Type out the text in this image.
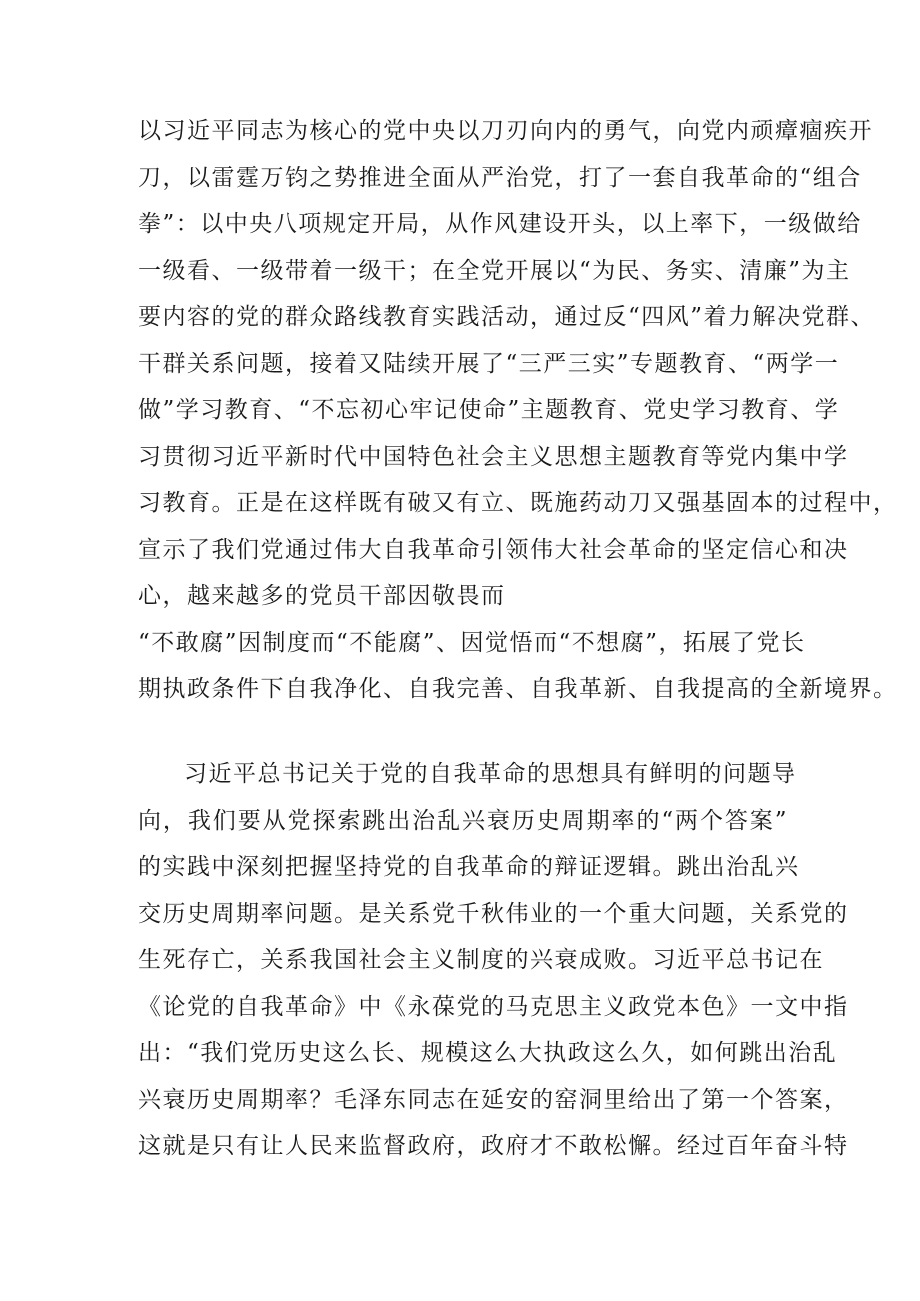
以习近平同志为核心的党中央以刀刃向内的勇气，向党内顽瘴痼疾开
刀，以雷霆万钧之势推进全面从严治党，打了一套自我革命的“组合
拳”：以中央八项规定开局，从作风建设开头，以上率下，一级做给
一级看、一级带着一级干；在全党开展以“为民、务实、清廉”为主
要内容的党的群众路线教育实践活动，通过反“四风”着力解决党群、
干群关系问题，接着又陆续开展了“三严三实”专题教育、“两学一
做”学习教育、“不忘初心牢记使命”主题教育、党史学习教育、学
习贯彻习近平新时代中国特色社会主义思想主题教育等党内集中学
习教育。正是在这样既有破又有立、既施药动刀又强基固本的过程中，
宣示了我们党通过伟大自我革命引领伟大社会革命的坚定信心和决
心，越来越多的党员干部因敬畏而
“不敢腐”因制度而“不能腐”、因觉悟而“不想腐”，拓展了党长
期执政条件下自我净化、自我完善、自我革新、自我提高的全新境界。
习近平总书记关于党的自我革命的思想具有鲜明的问题导
向，我们要从党探索跳出治乱兴衰历史周期率的“两个答案”
的实践中深刻把握坚持党的自我革命的辩证逻辑。跳出治乱兴
交历史周期率问题。是关系党千秋伟业的一个重大问题，关系党的
生死存亡，关系我国社会主义制度的兴衰成败。习近平总书记在
《论党的自我革命》中《永葆党的马克思主义政党本色》一文中指
出：“我们党历史这么长、规模这么大执政这么久，如何跳出治乱
兴衰历史周期率？毛泽东同志在延安的窑洞里给出了第一个答案，
这就是只有让人民来监督政府，政府才不敢松懈。经过百年奋斗特
